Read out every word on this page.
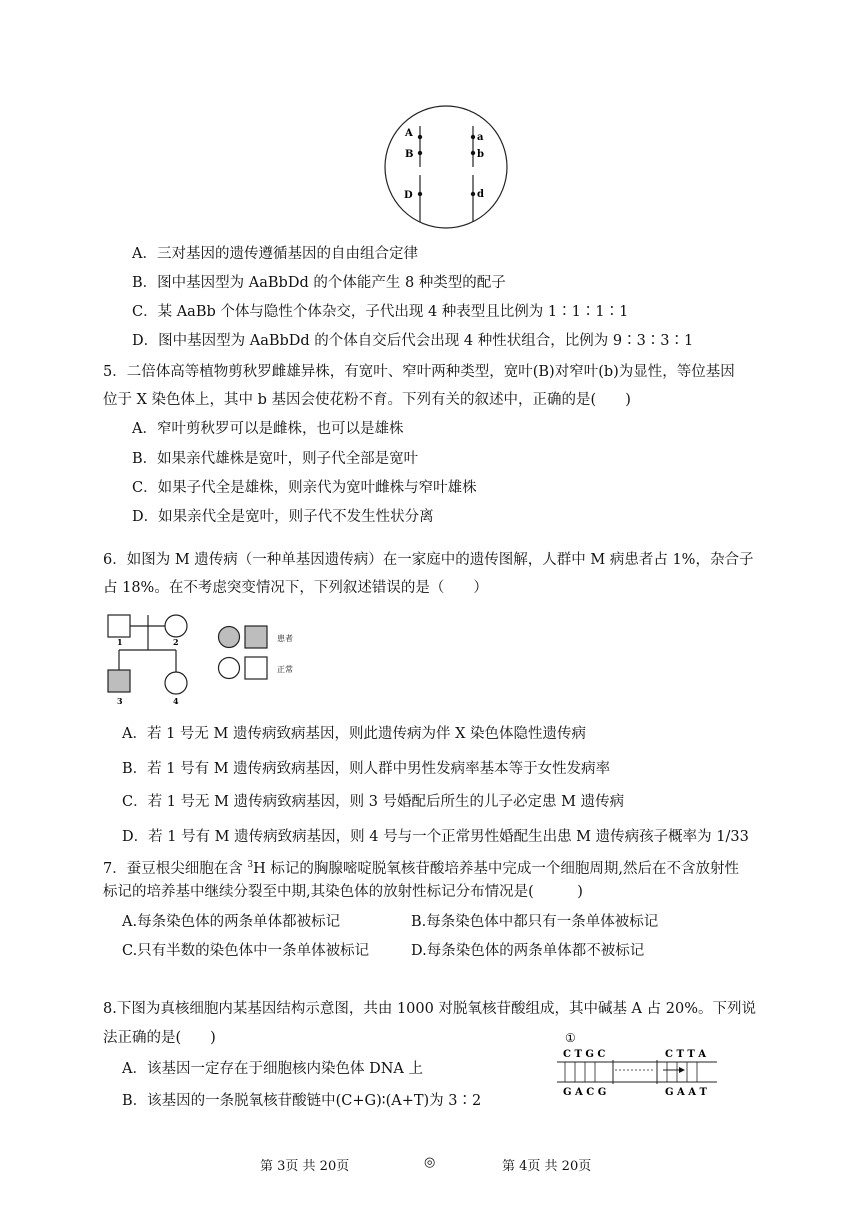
A
B
D
a
b
d
A．三对基因的遗传遵循基因的自由组合定律
B．图中基因型为 AaBbDd 的个体能产生 8 种类型的配子
C．某 AaBb 个体与隐性个体杂交，子代出现 4 种表型且比例为 1∶1∶1∶1
D．图中基因型为 AaBbDd 的个体自交后代会出现 4 种性状组合，比例为 9∶3∶3∶1
5．二倍体高等植物剪秋罗雌雄异株，有宽叶、窄叶两种类型，宽叶(B)对窄叶(b)为显性，等位基因
位于 X 染色体上，其中 b 基因会使花粉不育。下列有关的叙述中，正确的是(　　)
A．窄叶剪秋罗可以是雌株，也可以是雄株
B．如果亲代雄株是宽叶，则子代全部是宽叶
C．如果子代全是雄株，则亲代为宽叶雌株与窄叶雄株
D．如果亲代全是宽叶，则子代不发生性状分离
6．如图为 M 遗传病（一种单基因遗传病）在一家庭中的遗传图解，人群中 M 病患者占 1%，杂合子
占 18%。在不考虑突变情况下，下列叙述错误的是（　　）
1	2
3	4
患者
正常
A．若 1 号无 M 遗传病致病基因，则此遗传病为伴 X 染色体隐性遗传病
B．若 1 号有 M 遗传病致病基因，则人群中男性发病率基本等于女性发病率
C．若 1 号无 M 遗传病致病基因，则 3 号婚配后所生的儿子必定患 M 遗传病
D．若 1 号有 M 遗传病致病基因，则 4 号与一个正常男性婚配生出患 M 遗传病孩子概率为 1/33
7．蚕豆根尖细胞在含 $^3$H 标记的胸腺嘧啶脱氧核苷酸培养基中完成一个细胞周期,然后在不含放射性
标记的培养基中继续分裂至中期,其染色体的放射性标记分布情况是(　　　)
A.每条染色体的两条单体都被标记	B.每条染色体中都只有一条单体被标记
C.只有半数的染色体中一条单体被标记	D.每条染色体的两条单体都不被标记
8.下图为真核细胞内某基因结构示意图，共由 1000 对脱氧核苷酸组成，其中碱基 A 占 20%。下列说
法正确的是(　　)
A．该基因一定存在于细胞核内染色体 DNA 上
B．该基因的一条脱氧核苷酸链中(C+G)∶(A+T)为 3∶2
①
C T G C	C T T A
G A C G	G A A T
第 3页 共 20页	◎	第 4页 共 20页
